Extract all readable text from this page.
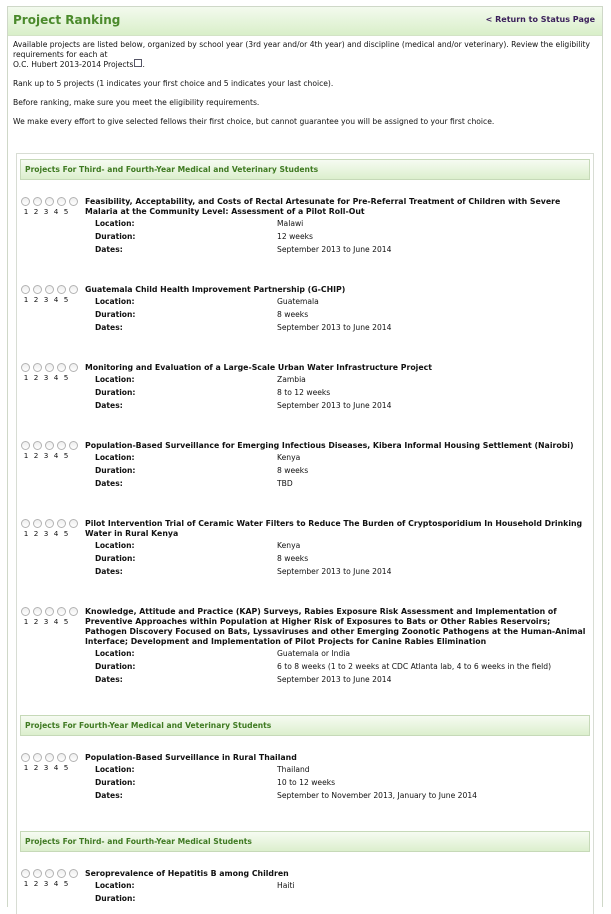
Project Ranking	< Return to Status Page

Available projects are listed below, organized by school year (3rd year and/or 4th year) and discipline (medical and/or veterinary). Review the eligibility requirements for each at
O.C. Hubert 2013-2014 Projects .

Rank up to 5 projects (1 indicates your first choice and 5 indicates your last choice).

Before ranking, make sure you meet the eligibility requirements.

We make every effort to give selected fellows their first choice, but cannot guarantee you will be assigned to your first choice.

Projects For Third- and Fourth-Year Medical and Veterinary Students
1 2 3 4 5
Feasibility, Acceptability, and Costs of Rectal Artesunate for Pre-Referral Treatment of Children with Severe Malaria at the Community Level: Assessment of a Pilot Roll-Out
Location:	Malawi
Duration:	12 weeks
Dates:	September 2013 to June 2014
1 2 3 4 5
Guatemala Child Health Improvement Partnership (G-CHIP)
Location:	Guatemala
Duration:	8 weeks
Dates:	September 2013 to June 2014
1 2 3 4 5
Monitoring and Evaluation of a Large-Scale Urban Water Infrastructure Project
Location:	Zambia
Duration:	8 to 12 weeks
Dates:	September 2013 to June 2014
1 2 3 4 5
Population-Based Surveillance for Emerging Infectious Diseases, Kibera Informal Housing Settlement (Nairobi)
Location:	Kenya
Duration:	8 weeks
Dates:	TBD
1 2 3 4 5
Pilot Intervention Trial of Ceramic Water Filters to Reduce The Burden of Cryptosporidium In Household Drinking Water in Rural Kenya
Location:	Kenya
Duration:	8 weeks
Dates:	September 2013 to June 2014
1 2 3 4 5
Knowledge, Attitude and Practice (KAP) Surveys, Rabies Exposure Risk Assessment and Implementation of Preventive Approaches within Population at Higher Risk of Exposures to Bats or Other Rabies Reservoirs; Pathogen Discovery Focused on Bats, Lyssaviruses and other Emerging Zoonotic Pathogens at the Human-Animal Interface; Development and Implementation of Pilot Projects for Canine Rabies Elimination
Location:	Guatemala or India
Duration:	6 to 8 weeks (1 to 2 weeks at CDC Atlanta lab, 4 to 6 weeks in the field)
Dates:	September 2013 to June 2014
Projects For Fourth-Year Medical and Veterinary Students
1 2 3 4 5
Population-Based Surveillance in Rural Thailand
Location:	Thailand
Duration:	10 to 12 weeks
Dates:	September to November 2013, January to June 2014
Projects For Third- and Fourth-Year Medical Students
1 2 3 4 5
Seroprevalence of Hepatitis B among Children
Location:	Haiti
Duration:
